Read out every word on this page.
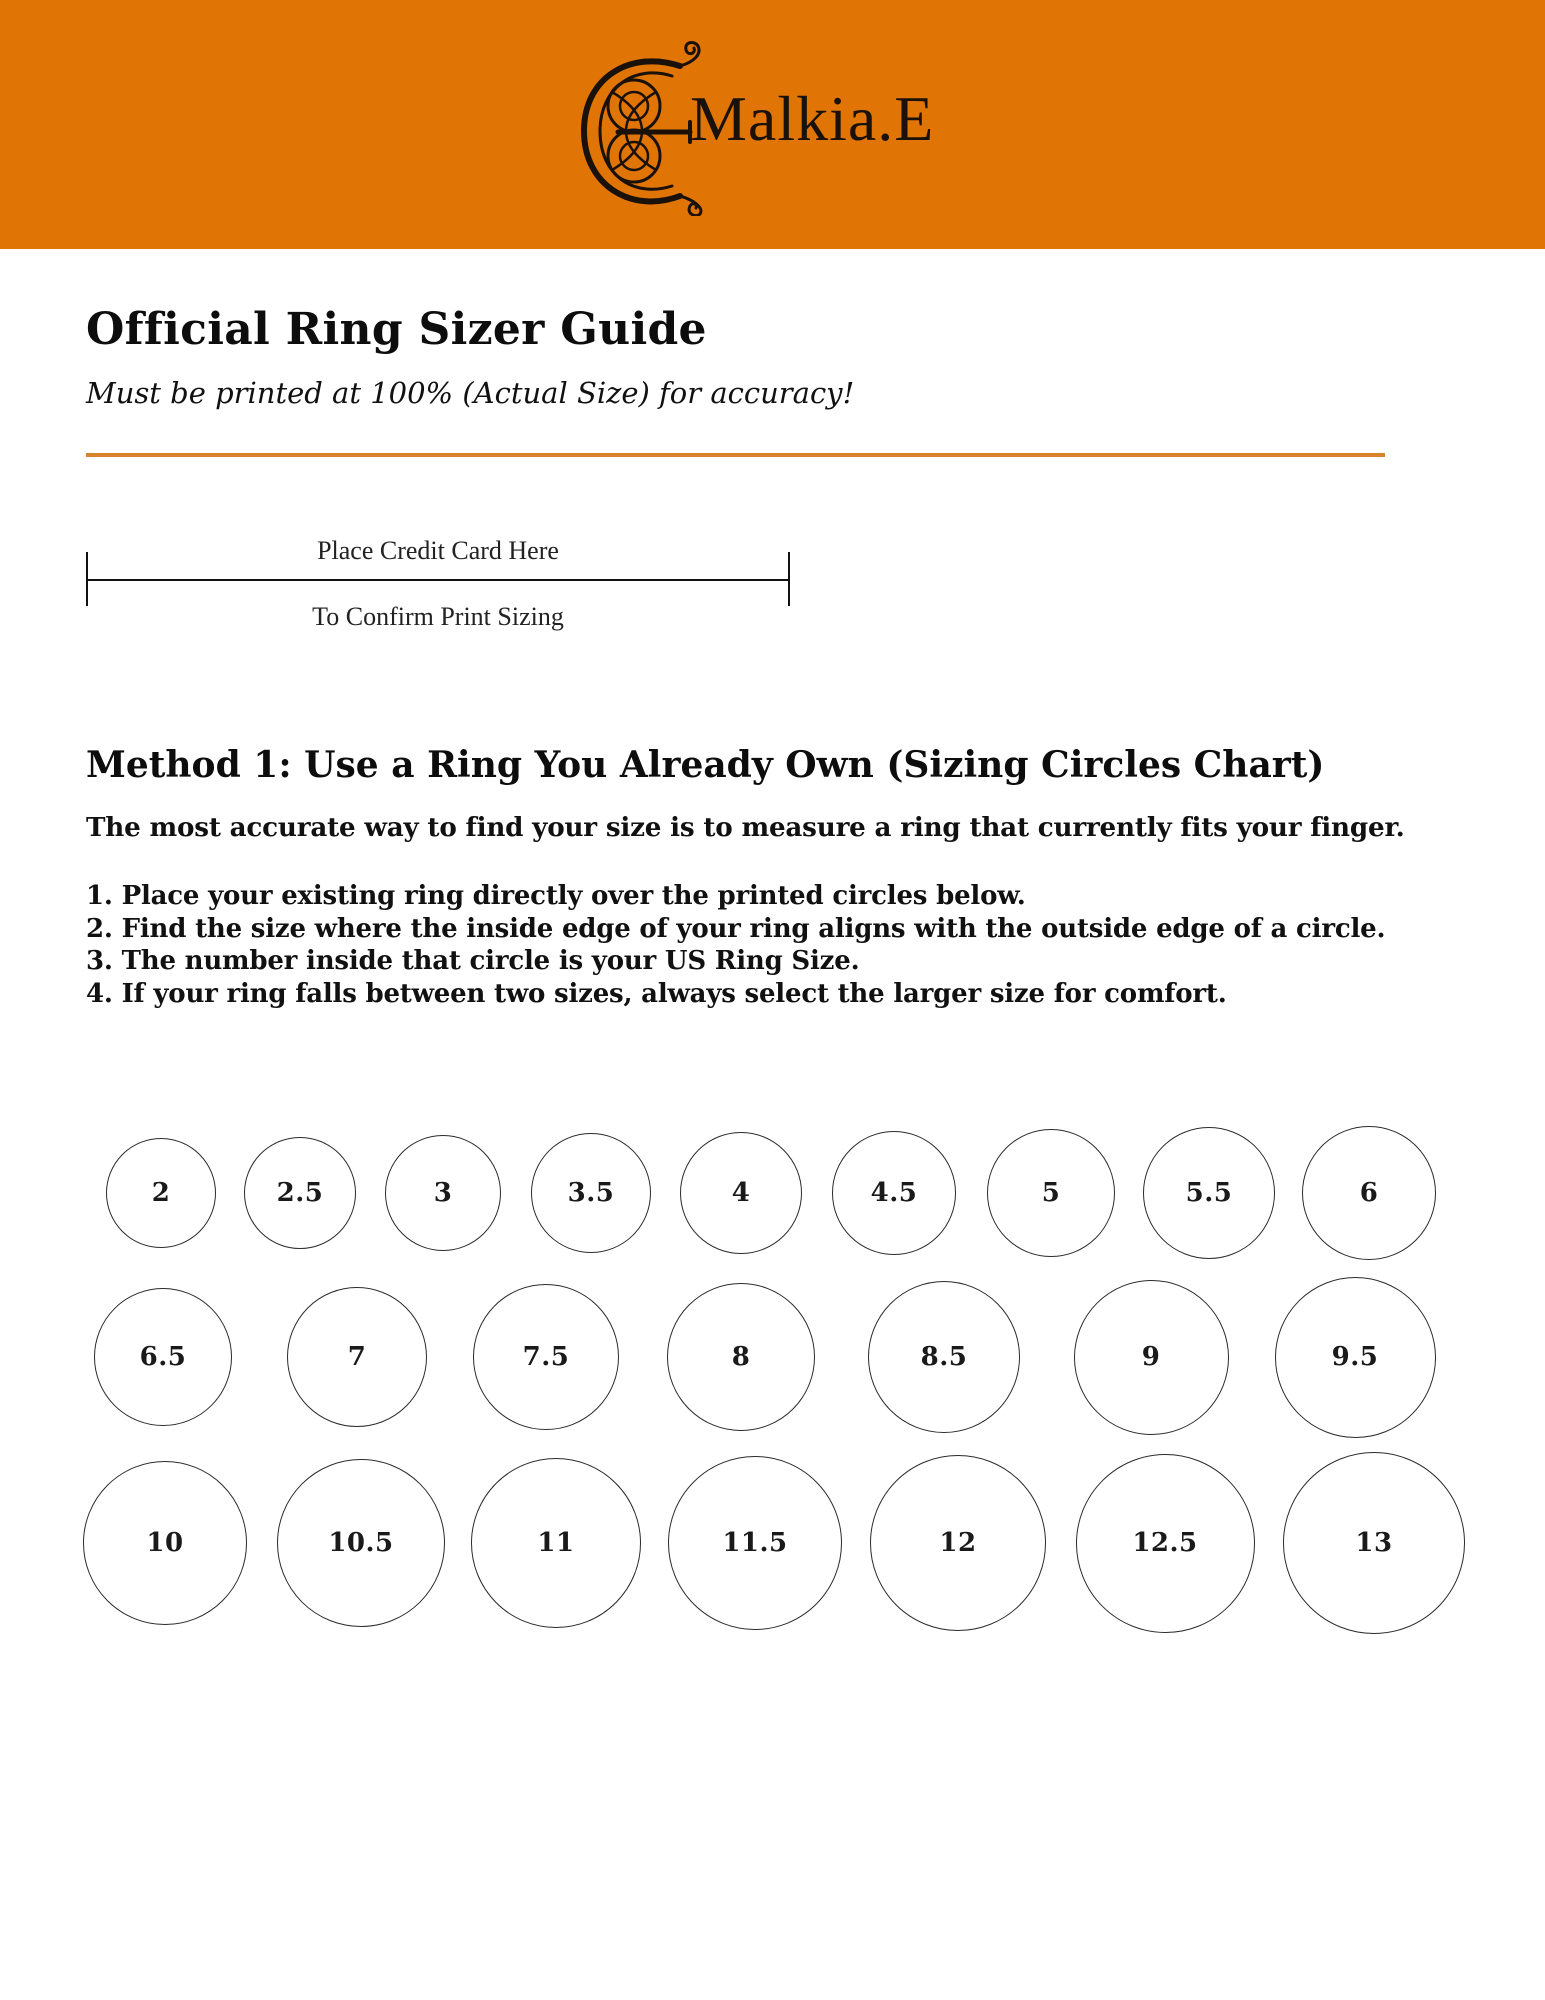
Malkia.E
Official Ring Sizer Guide

Must be printed at 100% (Actual Size) for accuracy!

Place Credit Card Here
To Confirm Print Sizing
Method 1: Use a Ring You Already Own (Sizing Circles Chart)

The most accurate way to find your size is to measure a ring that currently fits your finger.

1. Place your existing ring directly over the printed circles below.
2. Find the size where the inside edge of your ring aligns with the outside edge of a circle.
3. The number inside that circle is your US Ring Size.
4. If your ring falls between two sizes, always select the larger size for comfort.
2	2.5	3	3.5	4	4.5	5	5.5	6
6.5	7	7.5	8	8.5	9	9.5
10	10.5	11	11.5	12	12.5	13
